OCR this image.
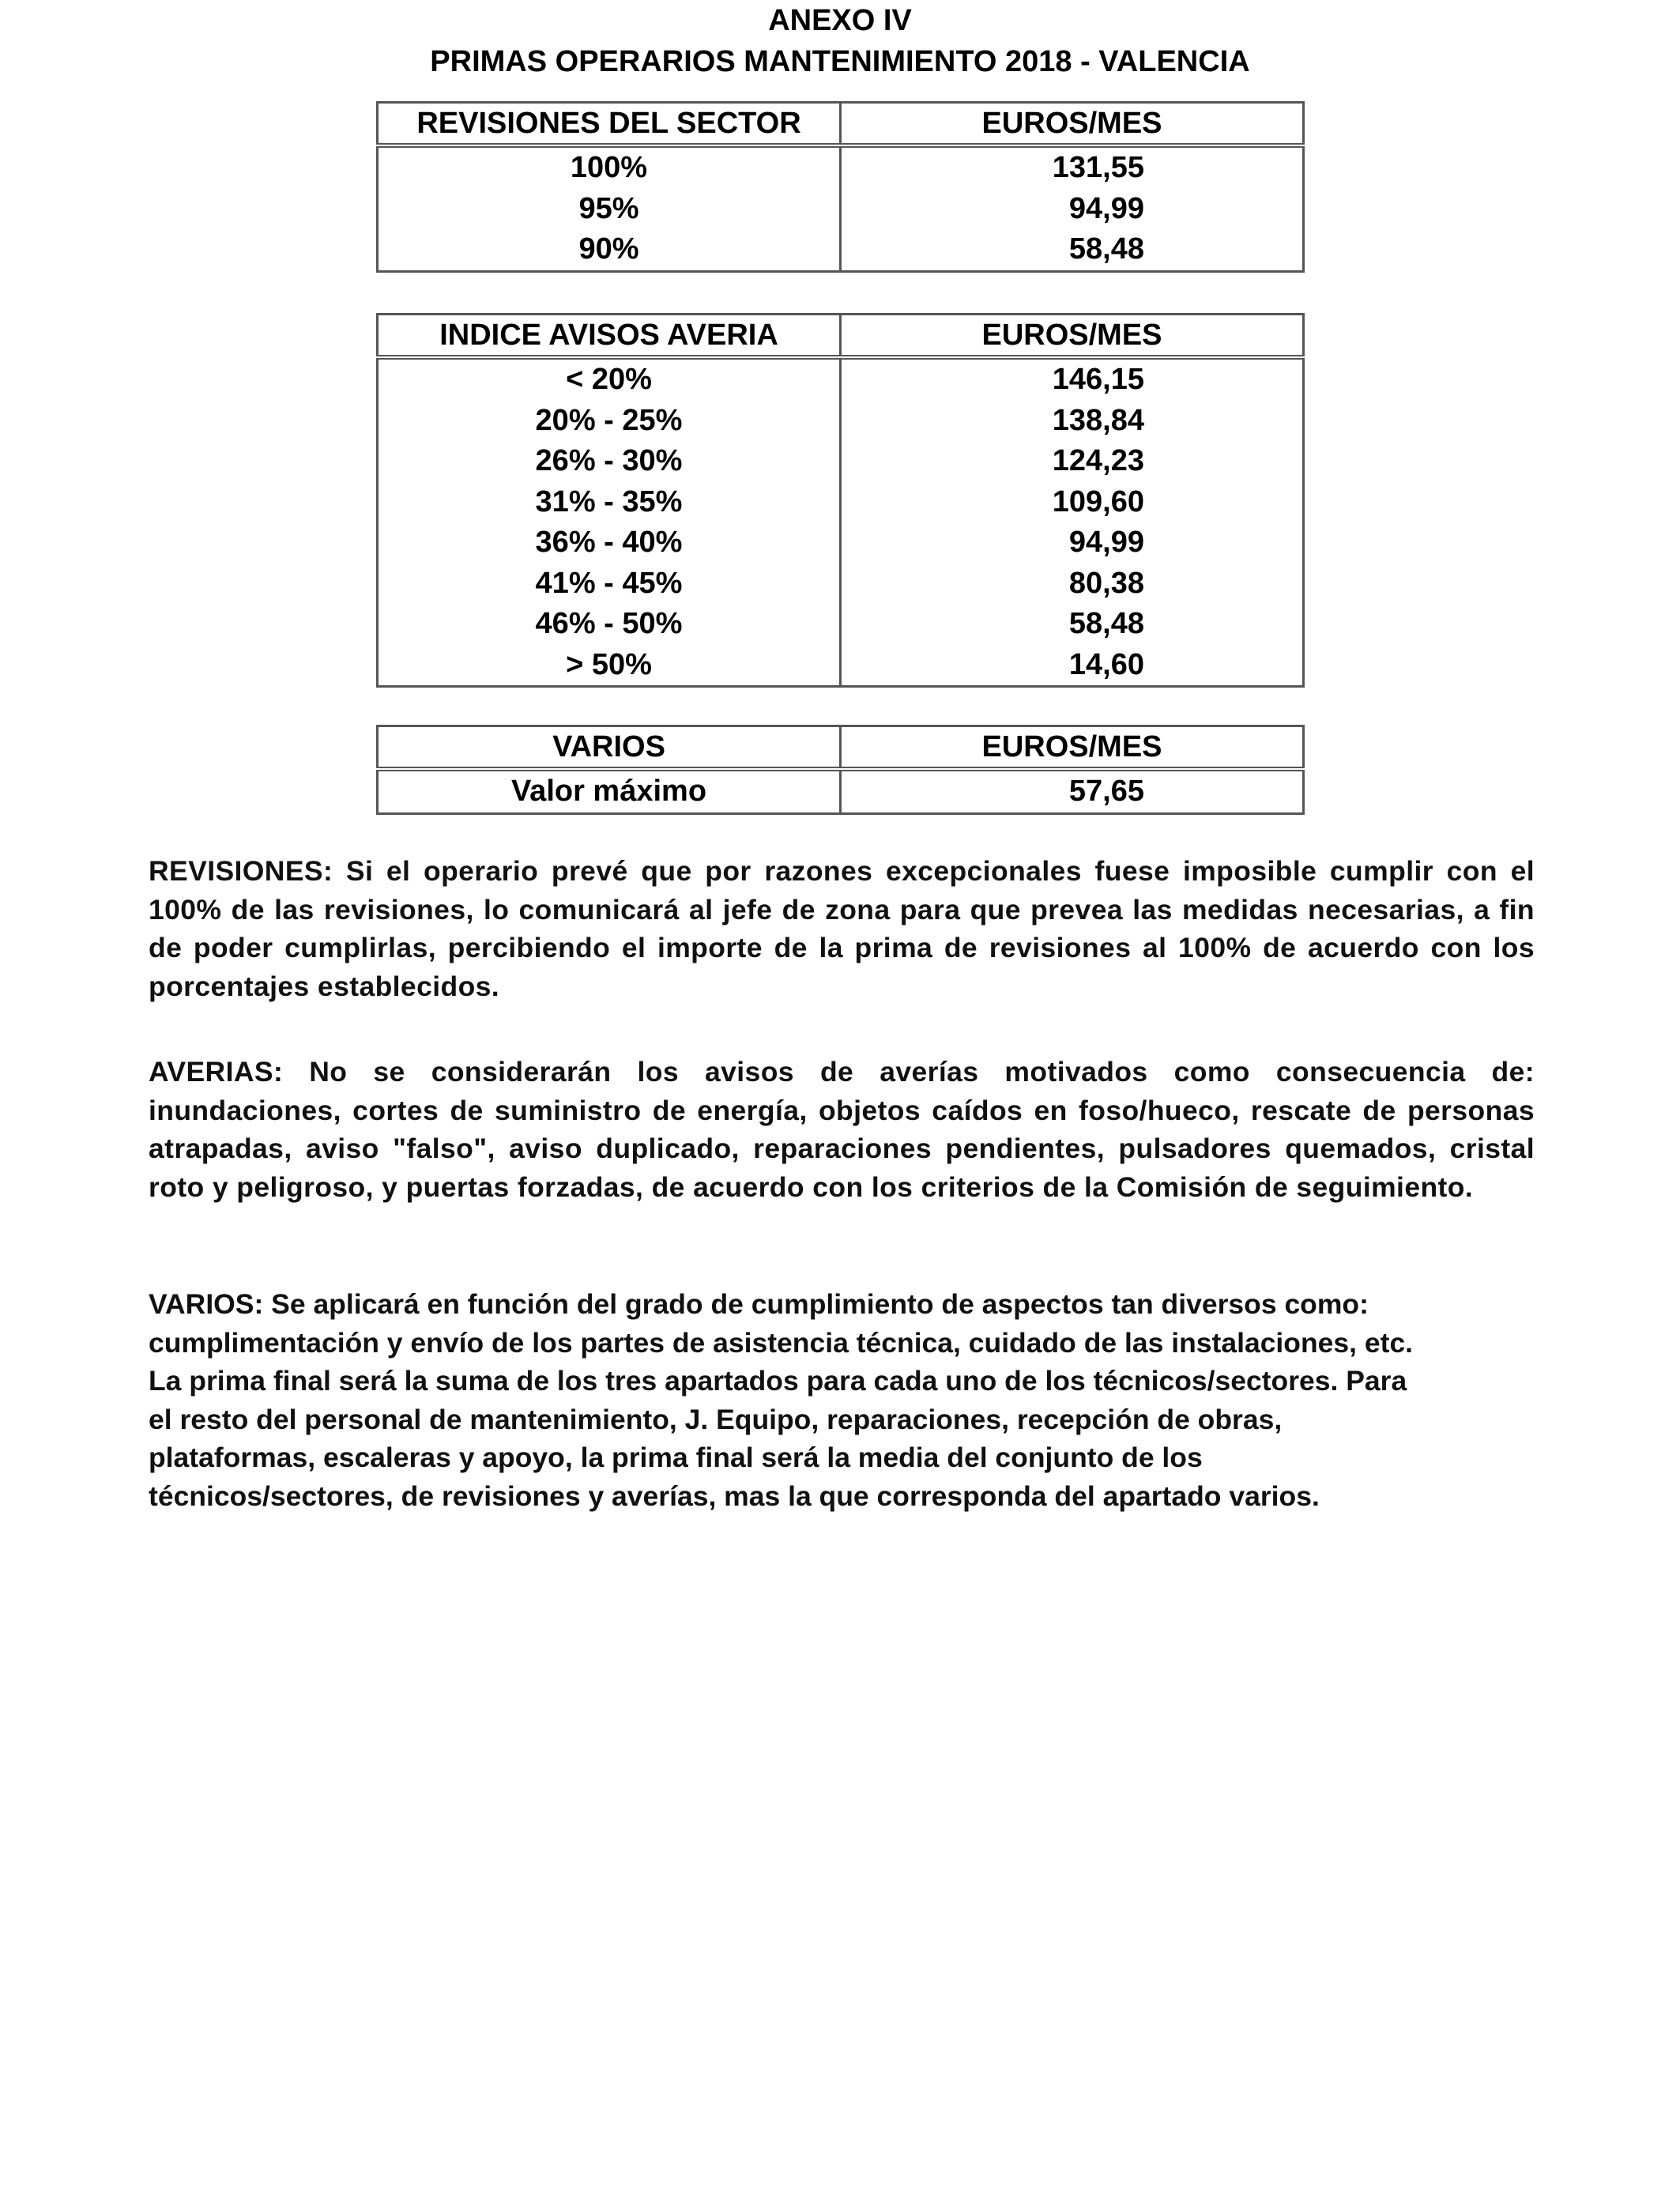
ANEXO IV
PRIMAS OPERARIOS MANTENIMIENTO 2018 - VALENCIA
REVISIONES DEL SECTOR	EUROS/MES
100%	131,55
95%	94,99
90%	58,48
INDICE AVISOS AVERIA	EUROS/MES
< 20%	146,15
20% - 25%	138,84
26% - 30%	124,23
31% - 35%	109,60
36% - 40%	94,99
41% - 45%	80,38
46% - 50%	58,48
> 50%	14,60
VARIOS	EUROS/MES
Valor máximo	57,65
REVISIONES: Si el operario prevé que por razones excepcionales fuese imposible cumplir con el 100% de las revisiones, lo comunicará al jefe de zona para que prevea las medidas necesarias, a fin de poder cumplirlas, percibiendo el importe de la prima de revisiones al 100% de acuerdo con los porcentajes establecidos.
AVERIAS: No se considerarán los avisos de averías motivados como consecuencia de: inundaciones, cortes de suministro de energía, objetos caídos en foso/hueco, rescate de personas atrapadas, aviso "falso", aviso duplicado, reparaciones pendientes, pulsadores quemados, cristal roto y peligroso, y puertas forzadas, de acuerdo con los criterios de la Comisión de seguimiento.
VARIOS: Se aplicará en función del grado de cumplimiento de aspectos tan diversos como:
cumplimentación y envío de los partes de asistencia técnica, cuidado de las instalaciones, etc.
La prima final será la suma de los tres apartados para cada uno de los técnicos/sectores. Para
el resto del personal de mantenimiento, J. Equipo, reparaciones, recepción de obras,
plataformas, escaleras y apoyo, la prima final será la media del conjunto de los
técnicos/sectores, de revisiones y averías, mas la que corresponda del apartado varios.
